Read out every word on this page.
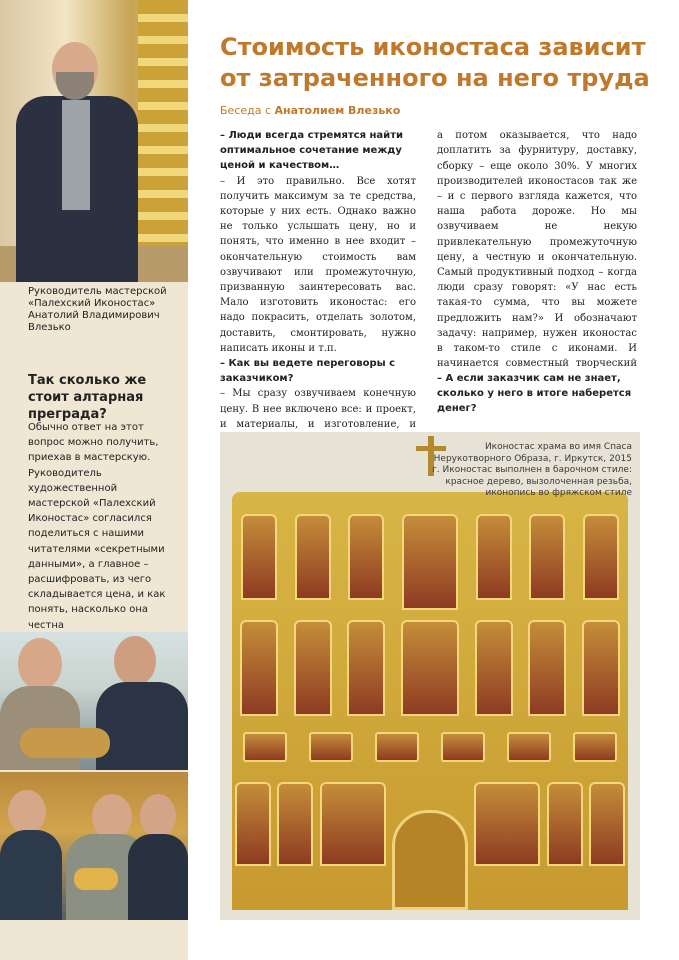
Руководитель мастерской «Палехский Иконостас» Анатолий Владимирович Влезько
Так сколько же стоит алтарная преграда?
Обычно ответ на этот вопрос можно получить, приехав в мастерскую. Руководитель художественной мастерской «Палехский Иконостас» согласился поделиться с нашими читателями «секретными данными», а главное – расшифровать, из чего складывается цена, и как понять, насколько она честна
Стоимость иконостаса зависит от затраченного на него труда
Беседа с Анатолием Влезько
– Люди всегда стремятся найти оптимальное сочетание между ценой и качеством…
– И это правильно. Все хотят получить максимум за те средства, которые у них есть. Однако важно не только услышать цену, но и понять, что именно в нее входит – окончательную стоимость вам озвучивают или промежуточную, призванную заинтересовать вас. Мало изготовить иконостас: его надо покрасить, отделать золотом, доставить, смонтировать, нужно написать иконы и т.п.
– Как вы ведете переговоры с заказчиком?
– Мы сразу озвучиваем конечную цену. В нее включено все: и проект, и материалы, и изготовление, и
а потом оказывается, что надо доплатить за фурнитуру, доставку, сборку – еще около 30%. У многих производителей иконостасов так же – и с первого взгляда кажется, что наша работа дороже. Но мы озвучиваем не некую привлекательную промежуточную цену, а честную и окончательную. Самый продуктивный подход – когда люди сразу говорят: «У нас есть такая-то сумма, что вы можете предложить нам?» И обозначают задачу: например, нужен иконостас в таком-то стиле с иконами. И начинается совместный творческий
– А если заказчик сам не знает, сколько у него в итоге наберется денег?
Иконостас храма во имя Спаса Нерукотворного Образа, г. Иркутск, 2015 г. Иконостас выполнен в барочном стиле: красное дерево, вызолоченная резьба, иконопись во фряжском стиле
